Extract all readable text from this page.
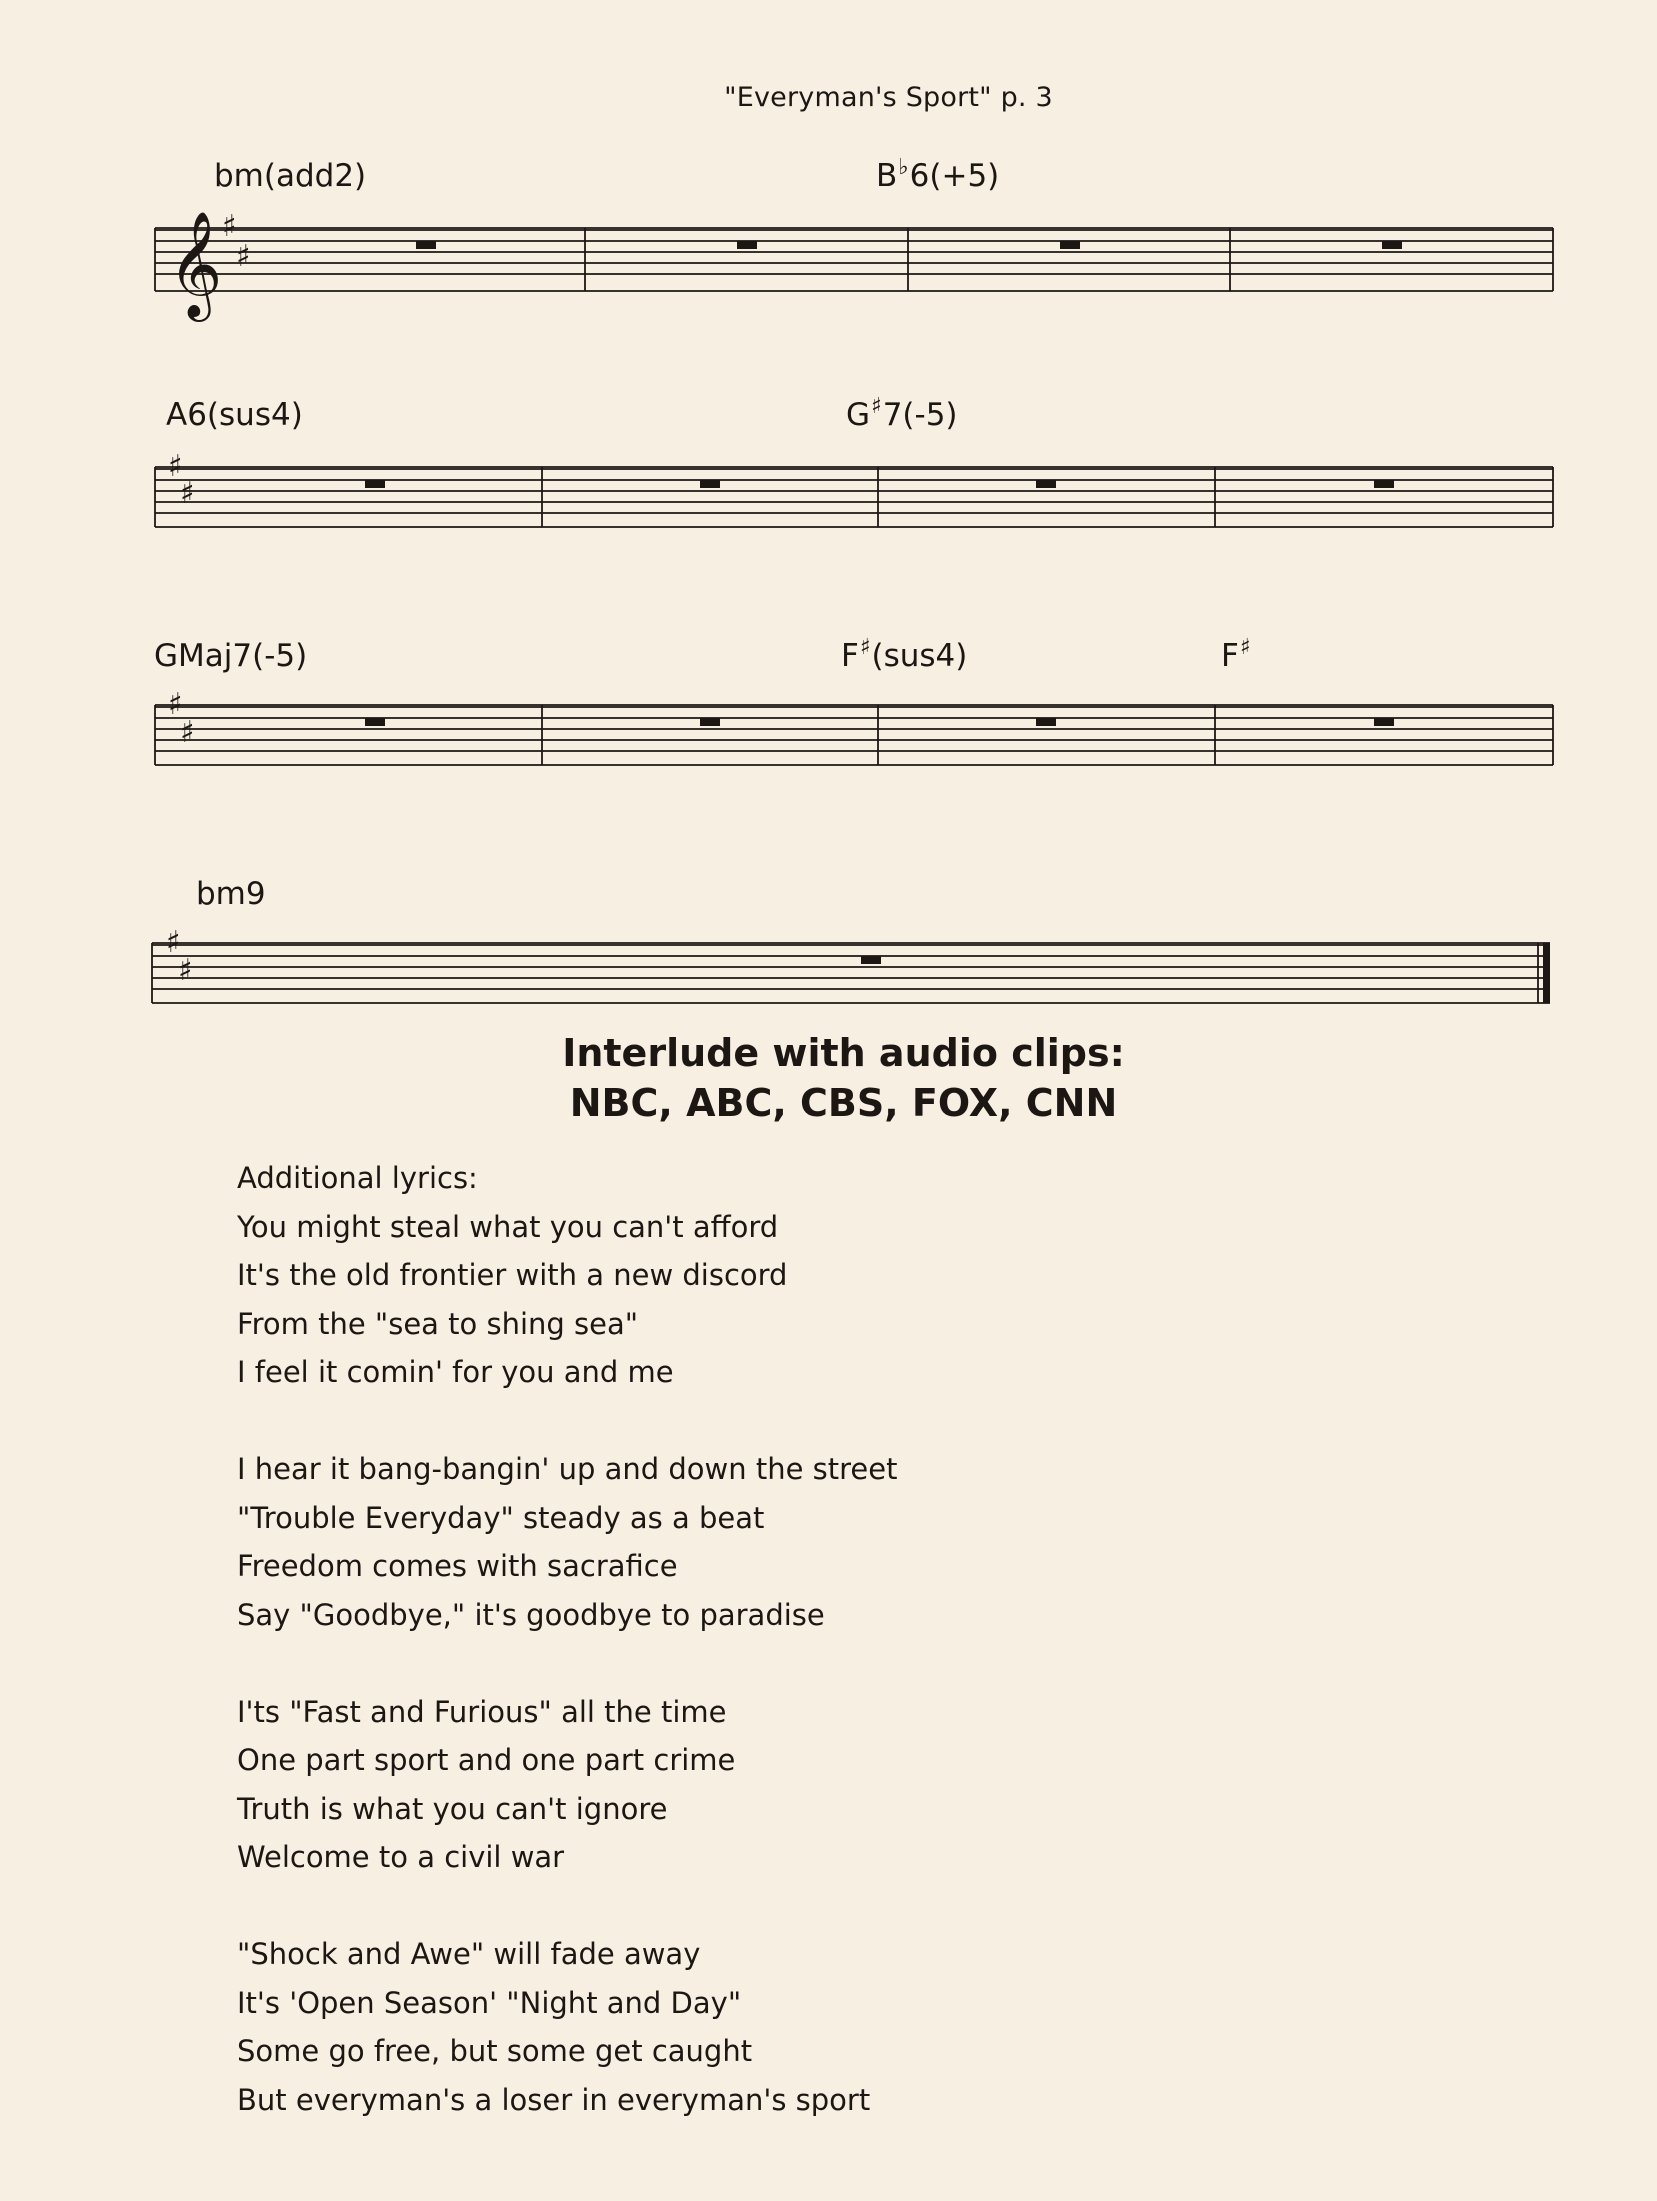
"Everyman's Sport" p. 3
bm(add2)	B♭6(+5)
A6(sus4)	G♯7(-5)
GMaj7(-5)	F♯(sus4)	F♯
bm9
𝄞 ♯
♯
♯
♯
♯
♯
♯
♯
Interlude with audio clips:
NBC, ABC, CBS, FOX, CNN
Additional lyrics:
You might steal what you can't afford
It's the old frontier with a new discord
From the "sea to shing sea"
I feel it comin' for you and me
I hear it bang-bangin' up and down the street
"Trouble Everyday" steady as a beat
Freedom comes with sacrafice
Say "Goodbye," it's goodbye to paradise
I'ts "Fast and Furious" all the time
One part sport and one part crime
Truth is what you can't ignore
Welcome to a civil war
"Shock and Awe" will fade away
It's 'Open Season' "Night and Day"
Some go free, but some get caught
But everyman's a loser in everyman's sport
